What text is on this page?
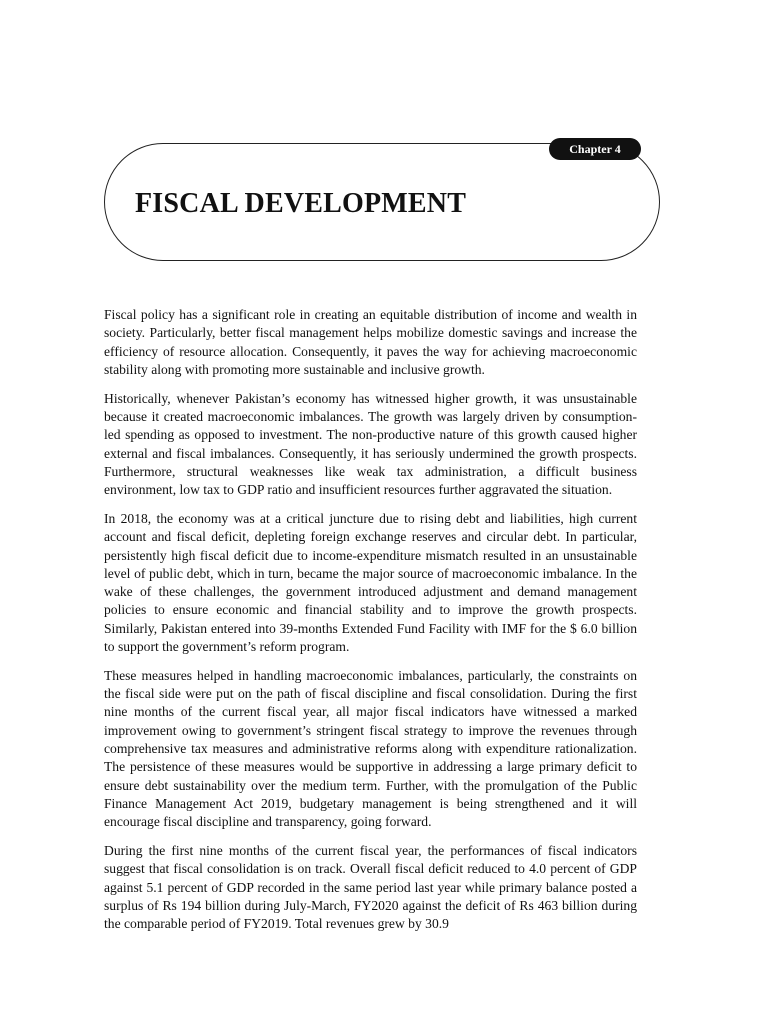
Chapter 4
FISCAL DEVELOPMENT

Fiscal policy has a significant role in creating an equitable distribution of income and wealth in society. Particularly, better fiscal management helps mobilize domestic savings and increase the efficiency of resource allocation. Consequently, it paves the way for achieving macroeconomic stability along with promoting more sustainable and inclusive growth.

Historically, whenever Pakistan’s economy has witnessed higher growth, it was unsustainable because it created macroeconomic imbalances. The growth was largely driven by consumption-led spending as opposed to investment. The non-productive nature of this growth caused higher external and fiscal imbalances. Consequently, it has seriously undermined the growth prospects. Furthermore, structural weaknesses like weak tax administration, a difficult business environment, low tax to GDP ratio and insufficient resources further aggravated the situation.

In 2018, the economy was at a critical juncture due to rising debt and liabilities, high current account and fiscal deficit, depleting foreign exchange reserves and circular debt. In particular, persistently high fiscal deficit due to income-expenditure mismatch resulted in an unsustainable level of public debt, which in turn, became the major source of macroeconomic imbalance. In the wake of these challenges, the government introduced adjustment and demand management policies to ensure economic and financial stability and to improve the growth prospects. Similarly, Pakistan entered into 39-months Extended Fund Facility with IMF for the $ 6.0 billion to support the government’s reform program.

These measures helped in handling macroeconomic imbalances, particularly, the constraints on the fiscal side were put on the path of fiscal discipline and fiscal consolidation. During the first nine months of the current fiscal year, all major fiscal indicators have witnessed a marked improvement owing to government’s stringent fiscal strategy to improve the revenues through comprehensive tax measures and administrative reforms along with expenditure rationalization. The persistence of these measures would be supportive in addressing a large primary deficit to ensure debt sustainability over the medium term. Further, with the promulgation of the Public Finance Management Act 2019, budgetary management is being strengthened and it will encourage fiscal discipline and transparency, going forward.

During the first nine months of the current fiscal year, the performances of fiscal indicators suggest that fiscal consolidation is on track. Overall fiscal deficit reduced to 4.0 percent of GDP against 5.1 percent of GDP recorded in the same period last year while primary balance posted a surplus of Rs 194 billion during July-March, FY2020 against the deficit of Rs 463 billion during the comparable period of FY2019. Total revenues grew by 30.9
